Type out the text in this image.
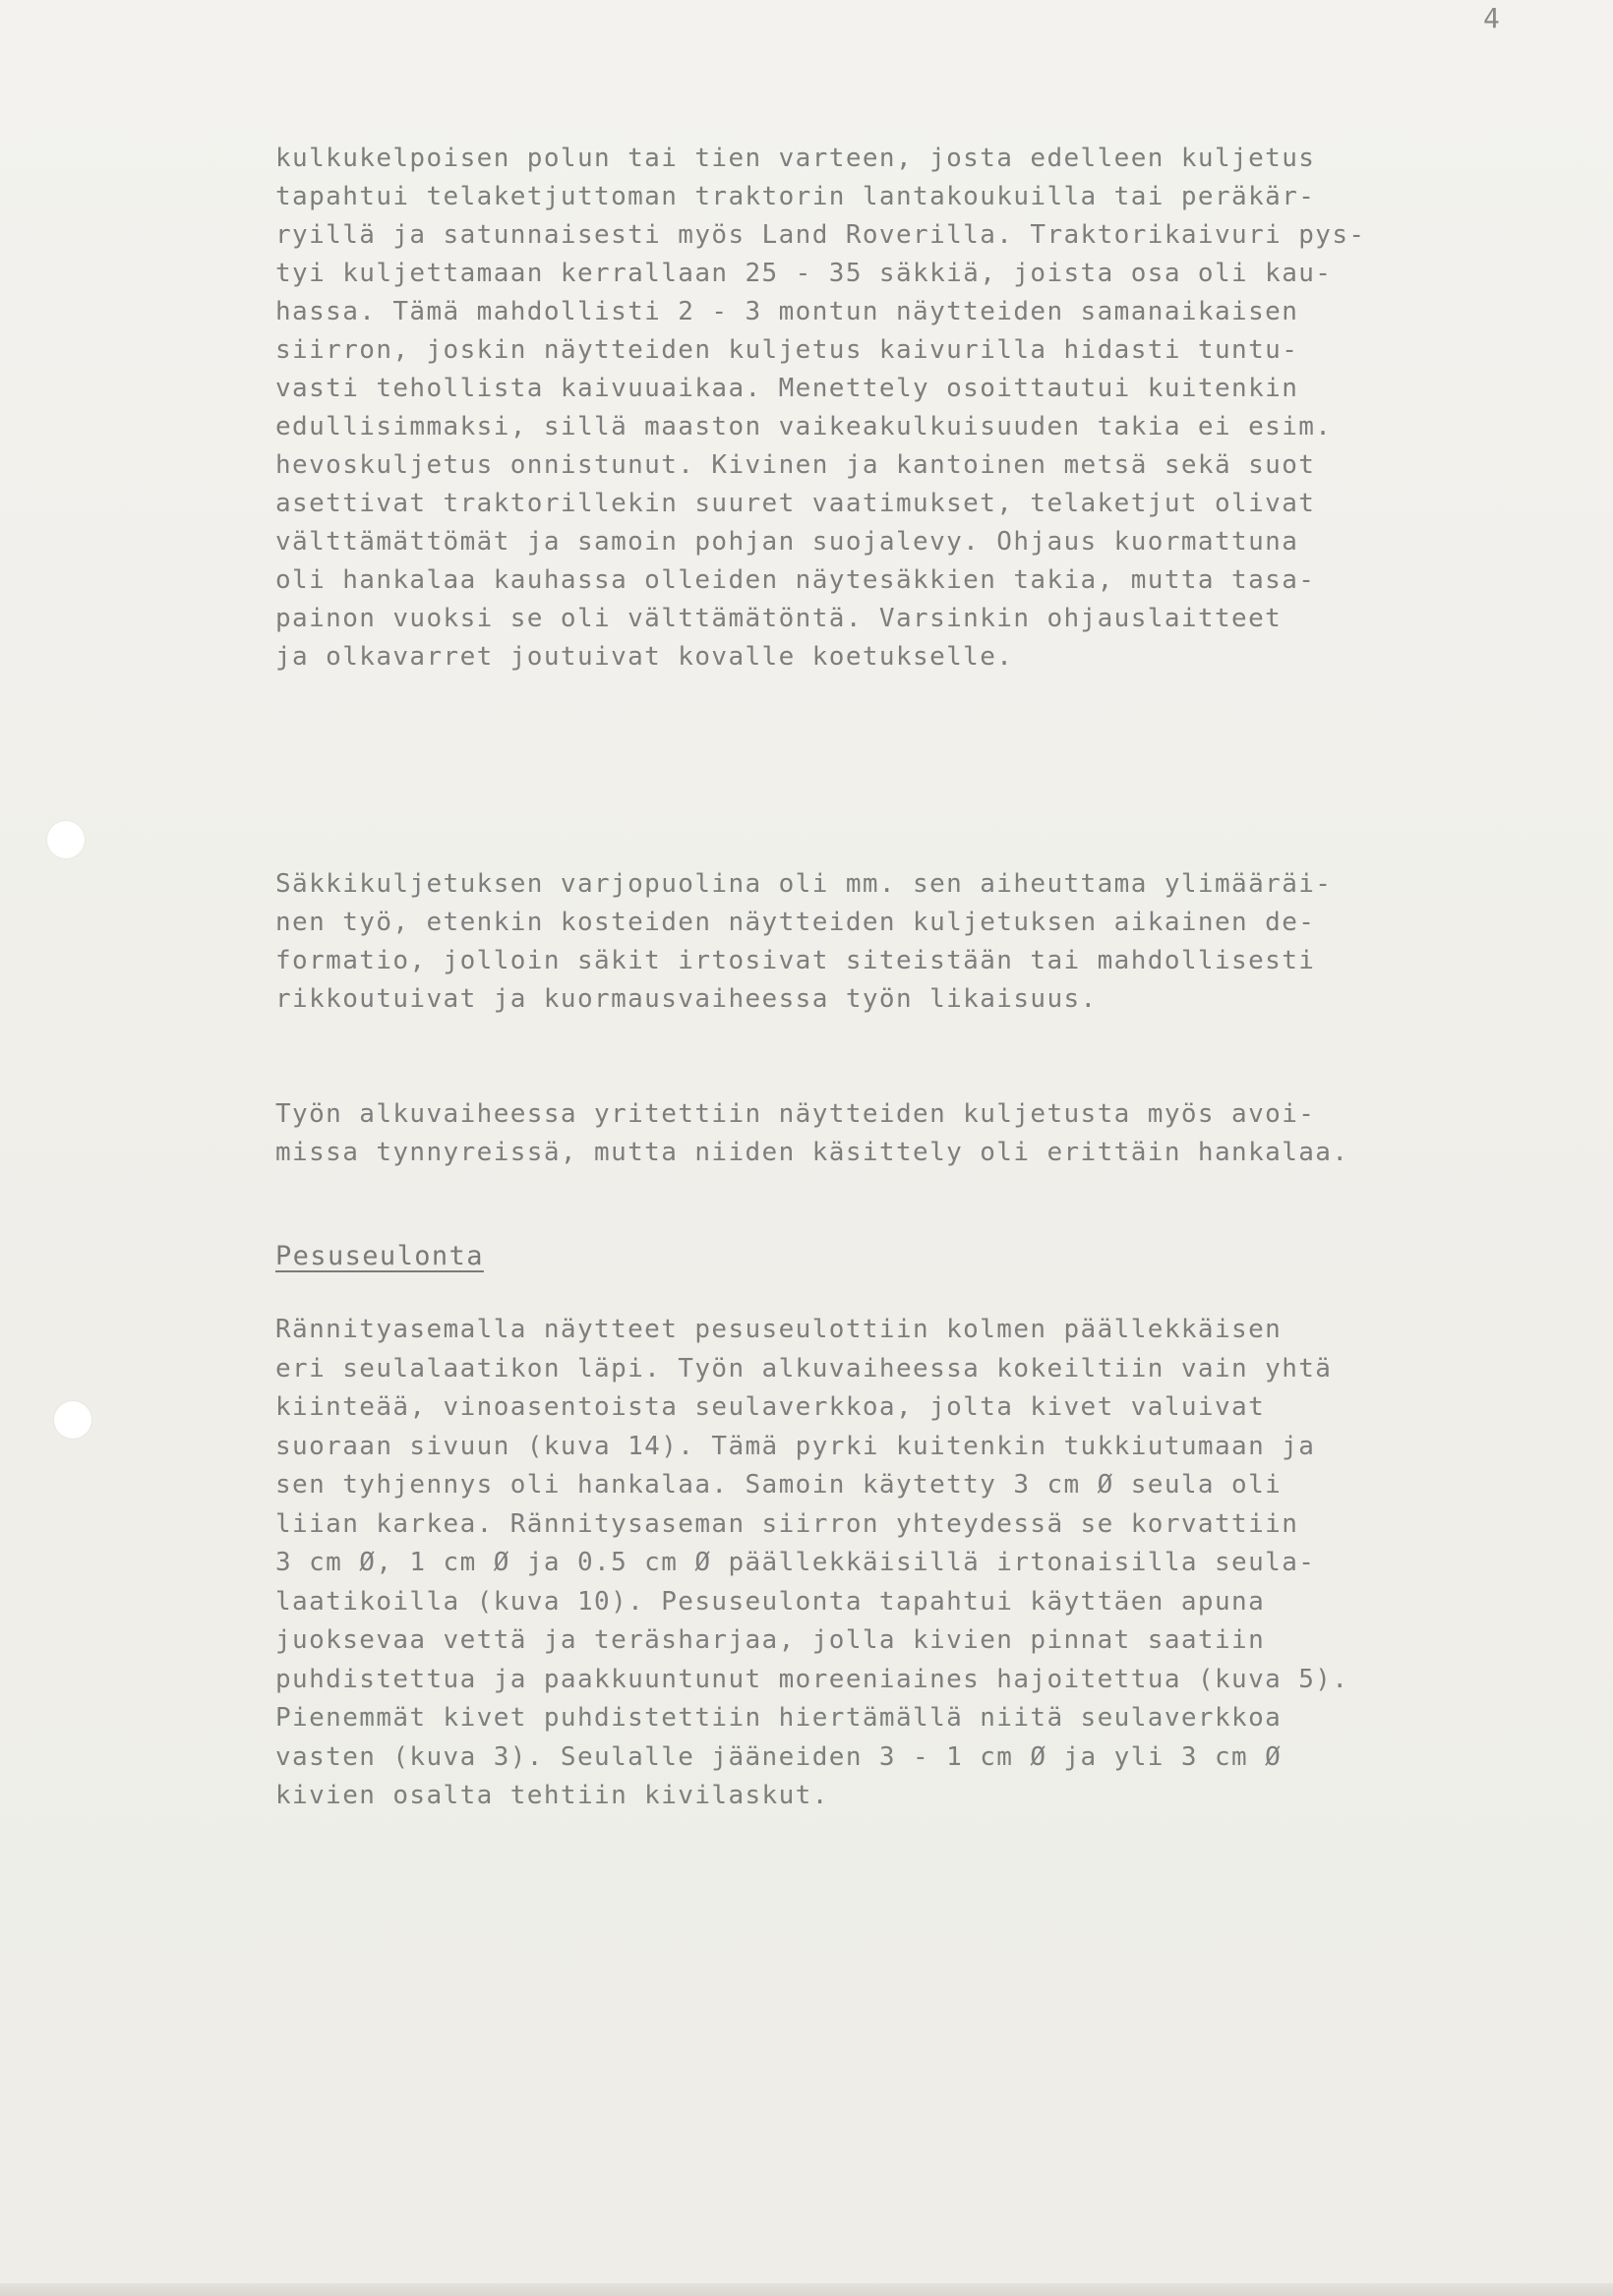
4
kulkukelpoisen polun tai tien varteen, josta edelleen kuljetus
tapahtui telaketjuttoman traktorin lantakoukuilla tai peräkär-
ryillä ja satunnaisesti myös Land Roverilla. Traktorikaivuri pys-
tyi kuljettamaan kerrallaan 25 - 35 säkkiä, joista osa oli kau-
hassa. Tämä mahdollisti 2 - 3 montun näytteiden samanaikaisen
siirron, joskin näytteiden kuljetus kaivurilla hidasti tuntu-
vasti tehollista kaivuuaikaa. Menettely osoittautui kuitenkin
edullisimmaksi, sillä maaston vaikeakulkuisuuden takia ei esim.
hevoskuljetus onnistunut. Kivinen ja kantoinen metsä sekä suot
asettivat traktorillekin suuret vaatimukset, telaketjut olivat
välttämättömät ja samoin pohjan suojalevy. Ohjaus kuormattuna
oli hankalaa kauhassa olleiden näytesäkkien takia, mutta tasa-
painon vuoksi se oli välttämätöntä. Varsinkin ohjauslaitteet
ja olkavarret joutuivat kovalle koetukselle.
Säkkikuljetuksen varjopuolina oli mm. sen aiheuttama ylimääräi-
nen työ, etenkin kosteiden näytteiden kuljetuksen aikainen de-
formatio, jolloin säkit irtosivat siteistään tai mahdollisesti
rikkoutuivat ja kuormausvaiheessa työn likaisuus.
Työn alkuvaiheessa yritettiin näytteiden kuljetusta myös avoi-
missa tynnyreissä, mutta niiden käsittely oli erittäin hankalaa.
Pesuseulonta
Rännityasemalla näytteet pesuseulottiin kolmen päällekkäisen
eri seulalaatikon läpi. Työn alkuvaiheessa kokeiltiin vain yhtä
kiinteää, vinoasentoista seulaverkkoa, jolta kivet valuivat
suoraan sivuun (kuva 14). Tämä pyrki kuitenkin tukkiutumaan ja
sen tyhjennys oli hankalaa. Samoin käytetty 3 cm Ø seula oli
liian karkea. Rännitysaseman siirron yhteydessä se korvattiin
3 cm Ø, 1 cm Ø ja 0.5 cm Ø päällekkäisillä irtonaisilla seula-
laatikoilla (kuva 10). Pesuseulonta tapahtui käyttäen apuna
juoksevaa vettä ja teräsharjaa, jolla kivien pinnat saatiin
puhdistettua ja paakkuuntunut moreeniaines hajoitettua (kuva 5).
Pienemmät kivet puhdistettiin hiertämällä niitä seulaverkkoa
vasten (kuva 3). Seulalle jääneiden 3 - 1 cm Ø ja yli 3 cm Ø
kivien osalta tehtiin kivilaskut.
